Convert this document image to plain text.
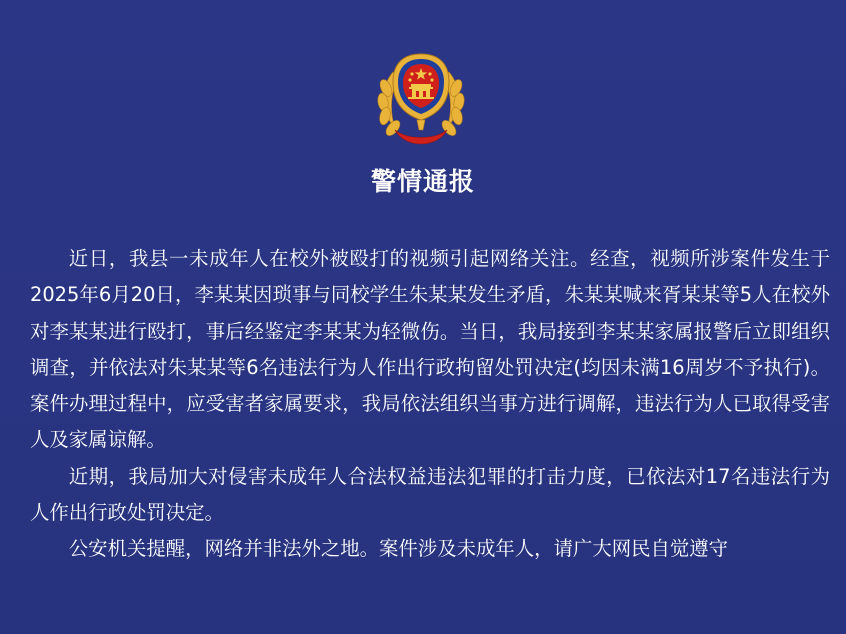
警情通报

近日，我县一未成年人在校外被殴打的视频引起网络关注。经查，视频所涉案件发生于2025年6月20日，李某某因琐事与同校学生朱某某发生矛盾，朱某某喊来胥某某等5人在校外对李某某进行殴打，事后经鉴定李某某为轻微伤。当日，我局接到李某某家属报警后立即组织调查，并依法对朱某某等6名违法行为人作出行政拘留处罚决定(均因未满16周岁不予执行)。案件办理过程中，应受害者家属要求，我局依法组织当事方进行调解，违法行为人已取得受害人及家属谅解。

近期，我局加大对侵害未成年人合法权益违法犯罪的打击力度，已依法对17名违法行为人作出行政处罚决定。

公安机关提醒，网络并非法外之地。案件涉及未成年人，请广大网民自觉遵守
